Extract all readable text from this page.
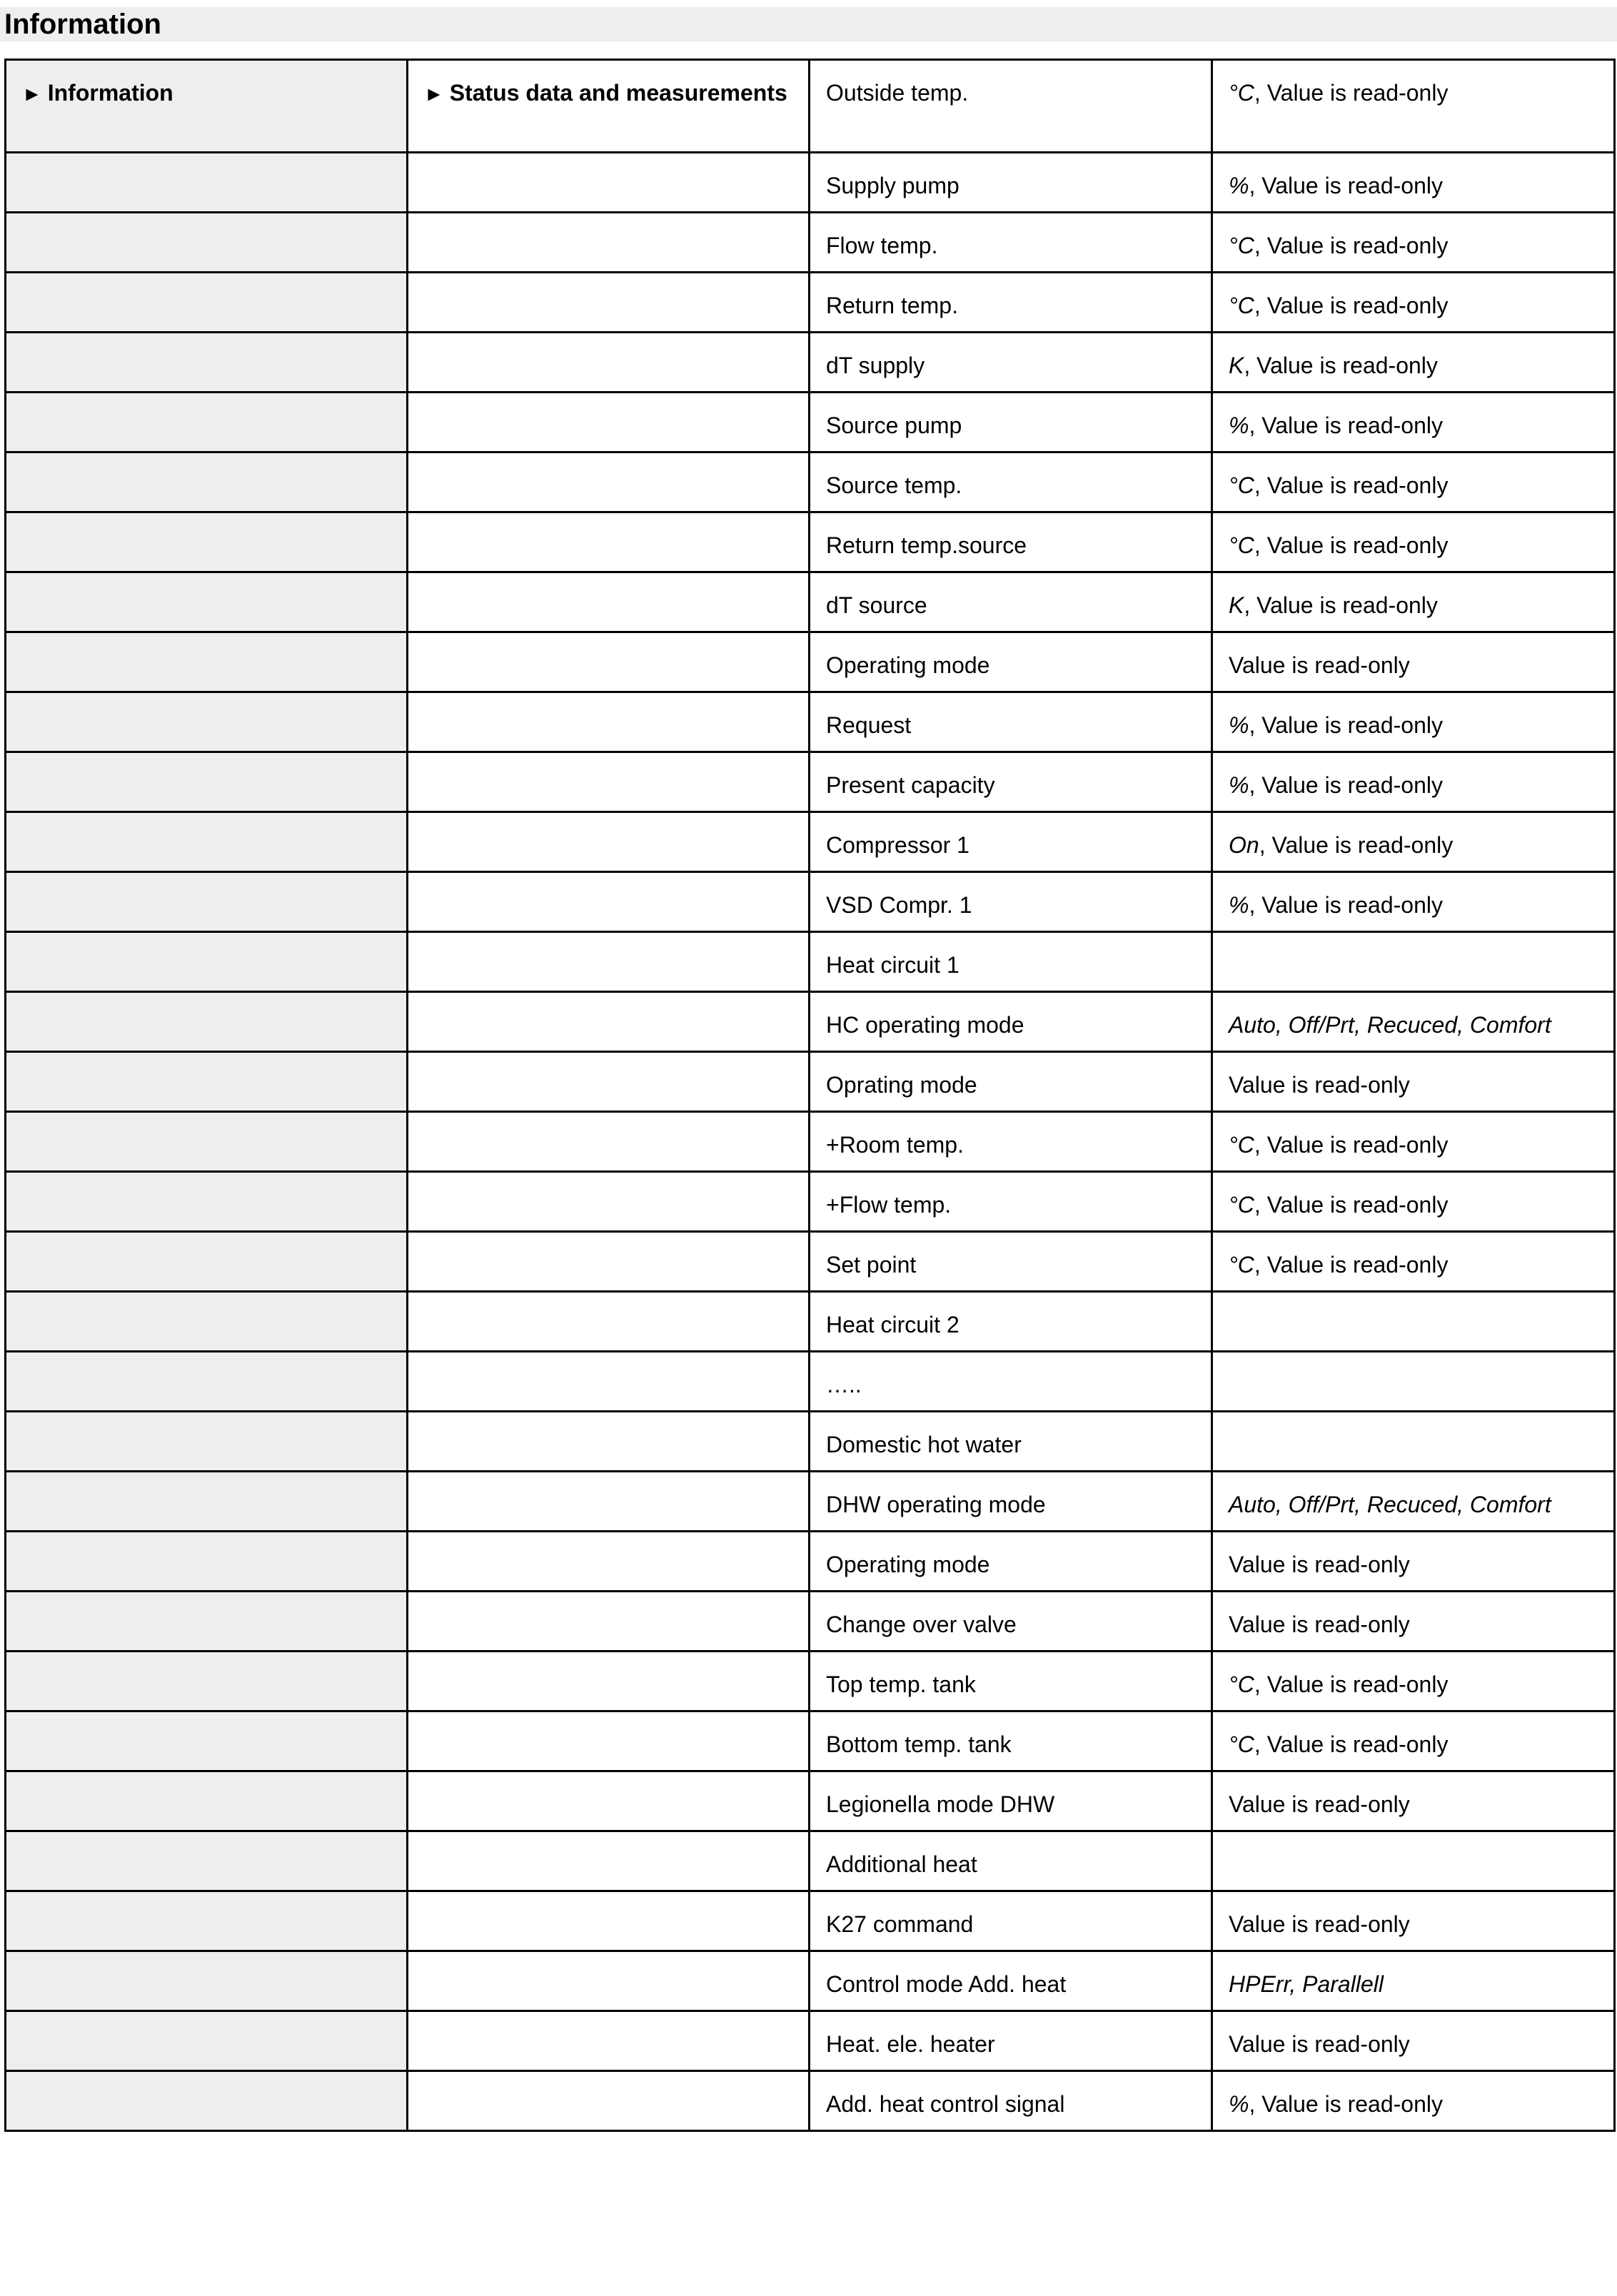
Information
► Information	► Status data and measurements	Outside temp.	°C, Value is read-only
		Supply pump	%, Value is read-only
		Flow temp.	°C, Value is read-only
		Return temp.	°C, Value is read-only
		dT supply	K, Value is read-only
		Source pump	%, Value is read-only
		Source temp.	°C, Value is read-only
		Return temp.source	°C, Value is read-only
		dT source	K, Value is read-only
		Operating mode	Value is read-only
		Request	%, Value is read-only
		Present capacity	%, Value is read-only
		Compressor 1	On, Value is read-only
		VSD Compr. 1	%, Value is read-only
		Heat circuit 1	
		HC operating mode	Auto, Off/Prt, Recuced, Comfort
		Oprating mode	Value is read-only
		+Room temp.	°C, Value is read-only
		+Flow temp.	°C, Value is read-only
		Set point	°C, Value is read-only
		Heat circuit 2	
		…..	
		Domestic hot water	
		DHW operating mode	Auto, Off/Prt, Recuced, Comfort
		Operating mode	Value is read-only
		Change over valve	Value is read-only
		Top temp. tank	°C, Value is read-only
		Bottom temp. tank	°C, Value is read-only
		Legionella mode DHW	Value is read-only
		Additional heat	
		K27 command	Value is read-only
		Control mode Add. heat	HPErr, Parallell
		Heat. ele. heater	Value is read-only
		Add. heat control signal	%, Value is read-only
